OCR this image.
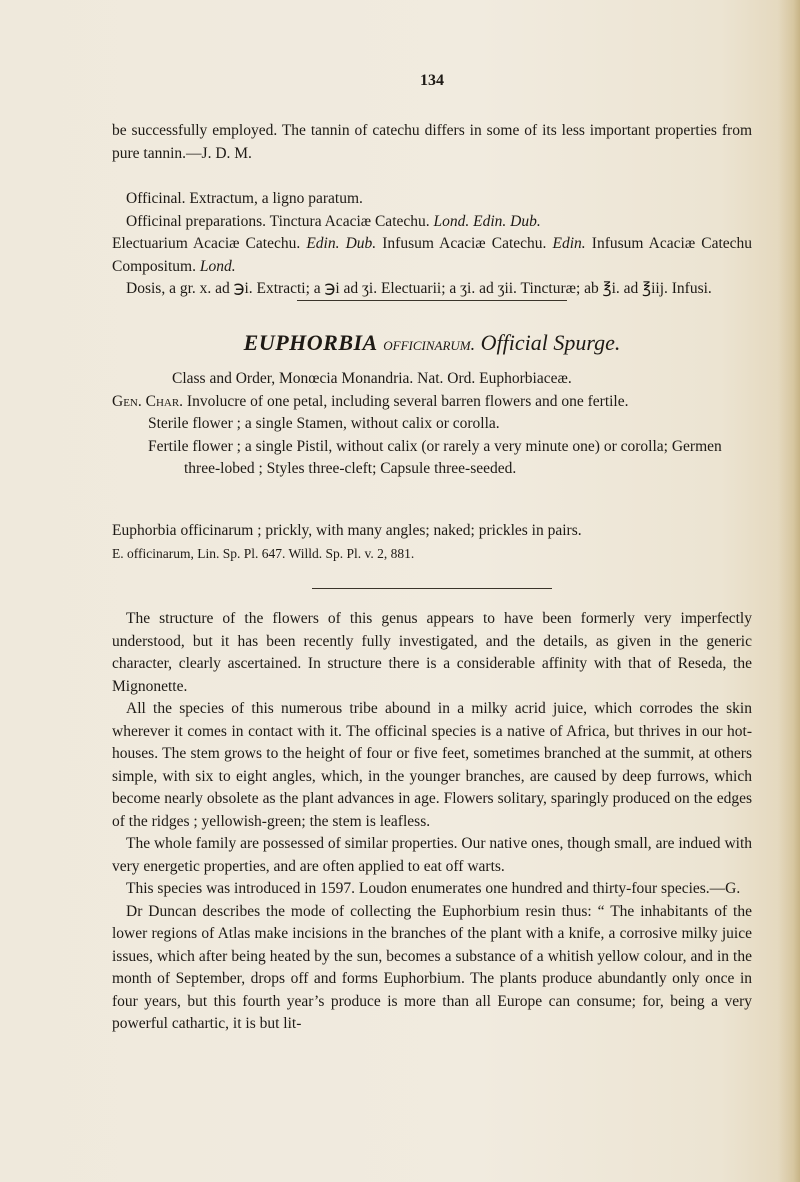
134

be successfully employed. The tannin of catechu differs in some of its less important properties from pure tannin.—J. D. M.

Officinal. Extractum, a ligno paratum.

Officinal preparations. Tinctura Acaciæ Catechu. Lond. Edin. Dub.

Electuarium Acaciæ Catechu. Edin. Dub. Infusum Acaciæ Catechu. Edin. Infusum Acaciæ Catechu Compositum. Lond.

Dosis, a gr. x. ad ℈i. Extracti; a ℈i ad ʒi. Electuarii; a ʒi. ad ʒii. Tincturæ; ab ℥i. ad ℥iij. Infusi.

EUPHORBIA officinarum. Official Spurge.

Class and Order, Monœcia Monandria. Nat. Ord. Euphorbiaceæ.

Gen. Char. Involucre of one petal, including several barren flowers and one fertile.

Sterile flower ; a single Stamen, without calix or corolla.

Fertile flower ; a single Pistil, without calix (or rarely a very minute one) or corolla; Germen three-lobed ; Styles three-cleft; Capsule three-seeded.

Euphorbia officinarum ; prickly, with many angles; naked; prickles in pairs.

E. officinarum, Lin. Sp. Pl. 647. Willd. Sp. Pl. v. 2, 881.

The structure of the flowers of this genus appears to have been formerly very imperfectly understood, but it has been recently fully investigated, and the details, as given in the generic character, clearly ascertained. In structure there is a considerable affinity with that of Reseda, the Mignonette.

All the species of this numerous tribe abound in a milky acrid juice, which corrodes the skin wherever it comes in contact with it. The officinal species is a native of Africa, but thrives in our hot-houses. The stem grows to the height of four or five feet, sometimes branched at the summit, at others simple, with six to eight angles, which, in the younger branches, are caused by deep furrows, which become nearly obsolete as the plant advances in age. Flowers solitary, sparingly produced on the edges of the ridges ; yellowish-green; the stem is leafless.

The whole family are possessed of similar properties. Our native ones, though small, are indued with very energetic properties, and are often applied to eat off warts.

This species was introduced in 1597. Loudon enumerates one hundred and thirty-four species.—G.

Dr Duncan describes the mode of collecting the Euphorbium resin thus: “ The inhabitants of the lower regions of Atlas make incisions in the branches of the plant with a knife, a corrosive milky juice issues, which after being heated by the sun, becomes a substance of a whitish yellow colour, and in the month of September, drops off and forms Euphorbium. The plants produce abundantly only once in four years, but this fourth year’s produce is more than all Europe can consume; for, being a very powerful cathartic, it is but lit-
